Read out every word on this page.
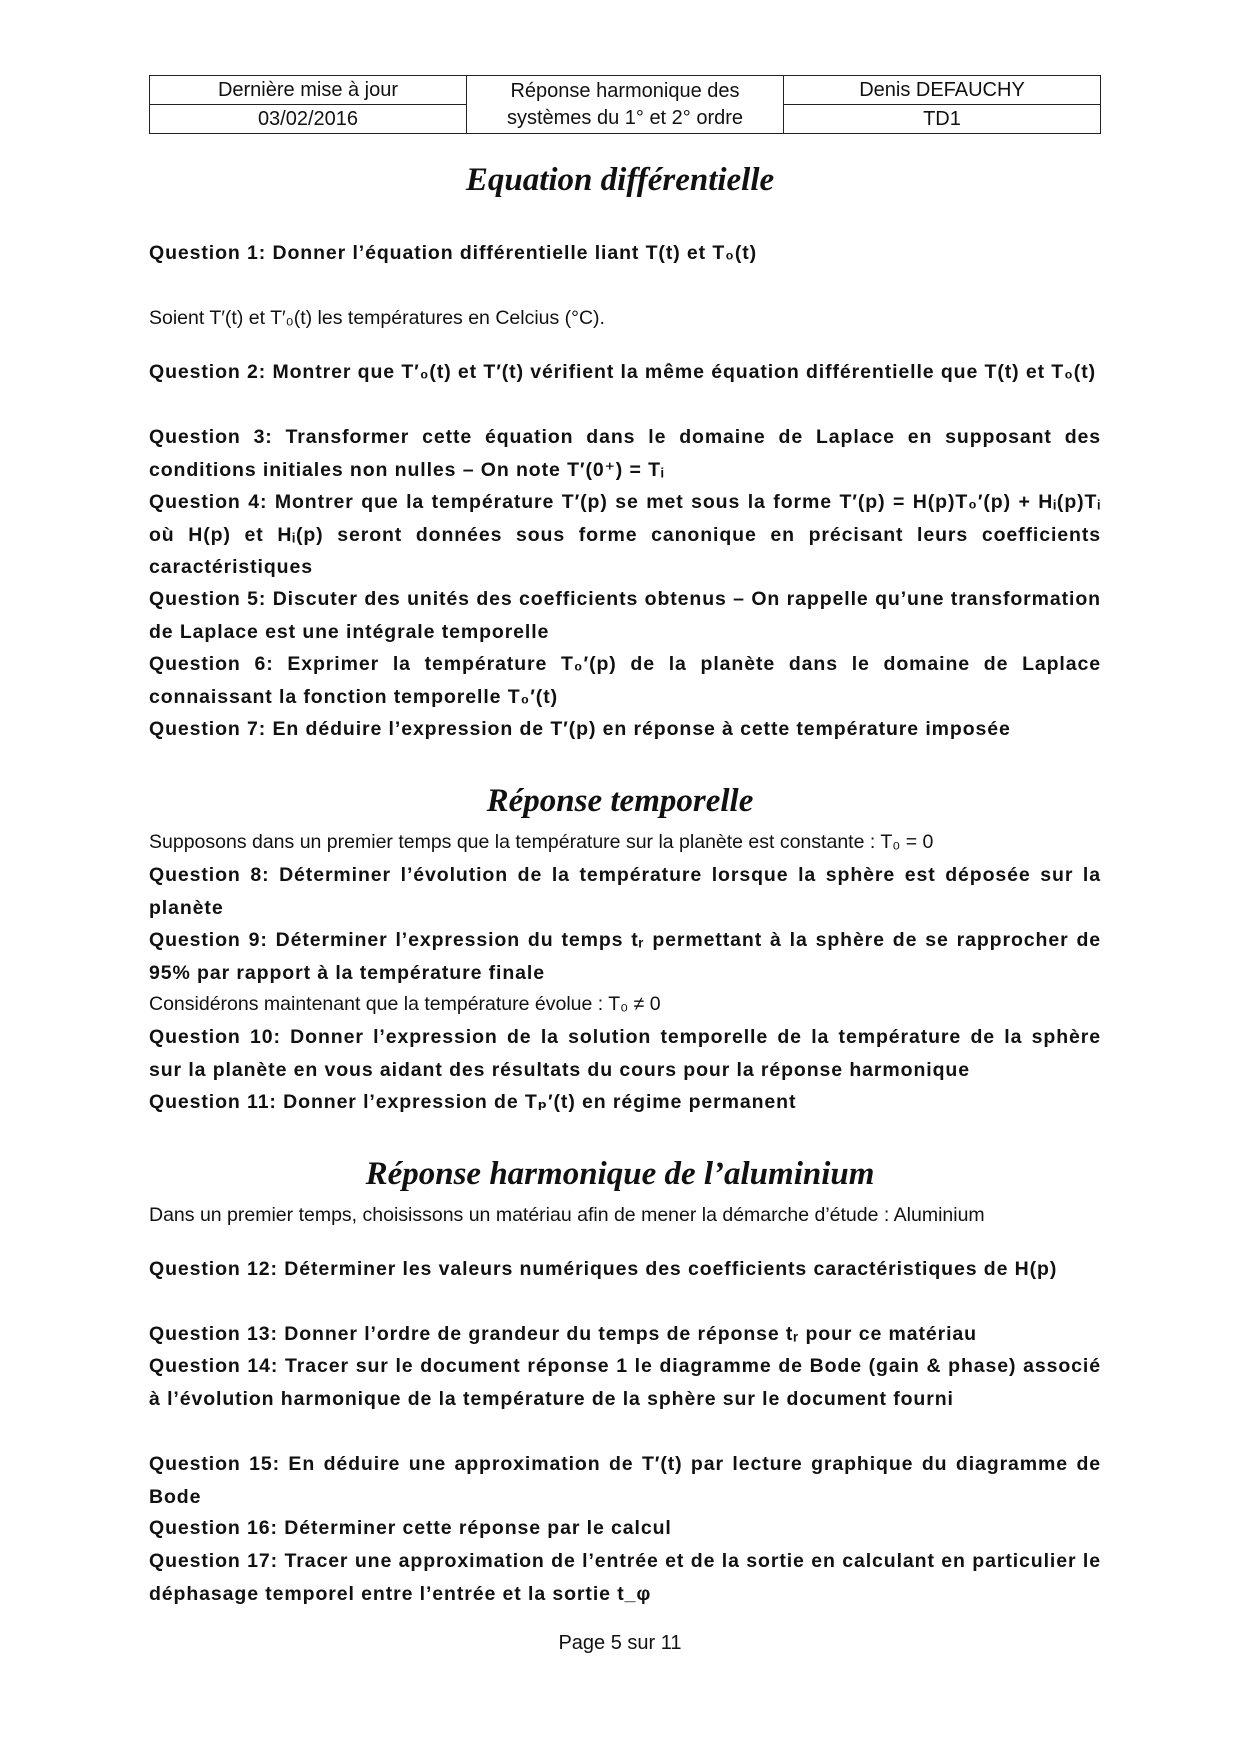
Dernière mise à jour	Réponse harmonique des systèmes du 1° et 2° ordre	Denis DEFAUCHY
03/02/2016		TD1
Equation différentielle

Question 1: Donner l’équation différentielle liant T(t) et T₀(t)

Soient T′(t) et T′₀(t) les températures en Celcius (°C).

Question 2: Montrer que T′₀(t) et T′(t) vérifient la même équation différentielle que T(t) et T₀(t)

Question 3: Transformer cette équation dans le domaine de Laplace en supposant des conditions initiales non nulles – On note T′(0⁺) = Tᵢ

Question 4: Montrer que la température T′(p) se met sous la forme T′(p) = H(p)T₀′(p) + Hᵢ(p)Tᵢ où H(p) et Hᵢ(p) seront données sous forme canonique en précisant leurs coefficients caractéristiques

Question 5: Discuter des unités des coefficients obtenus – On rappelle qu’une transformation de Laplace est une intégrale temporelle

Question 6: Exprimer la température T₀′(p) de la planète dans le domaine de Laplace connaissant la fonction temporelle T₀′(t)

Question 7: En déduire l’expression de T′(p) en réponse à cette température imposée

Réponse temporelle

Supposons dans un premier temps que la température sur la planète est constante : T₀ = 0

Question 8: Déterminer l’évolution de la température lorsque la sphère est déposée sur la planète

Question 9: Déterminer l’expression du temps tᵣ permettant à la sphère de se rapprocher de 95% par rapport à la température finale

Considérons maintenant que la température évolue : T₀ ≠ 0

Question 10: Donner l’expression de la solution temporelle de la température de la sphère sur la planète en vous aidant des résultats du cours pour la réponse harmonique

Question 11: Donner l’expression de Tₚ′(t) en régime permanent

Réponse harmonique de l’aluminium

Dans un premier temps, choisissons un matériau afin de mener la démarche d’étude : Aluminium

Question 12: Déterminer les valeurs numériques des coefficients caractéristiques de H(p)

Question 13: Donner l’ordre de grandeur du temps de réponse tᵣ pour ce matériau

Question 14: Tracer sur le document réponse 1 le diagramme de Bode (gain & phase) associé à l’évolution harmonique de la température de la sphère sur le document fourni

Question 15: En déduire une approximation de T′(t) par lecture graphique du diagramme de Bode

Question 16: Déterminer cette réponse par le calcul

Question 17: Tracer une approximation de l’entrée et de la sortie en calculant en particulier le déphasage temporel entre l’entrée et la sortie t_φ

Page 5 sur 11
